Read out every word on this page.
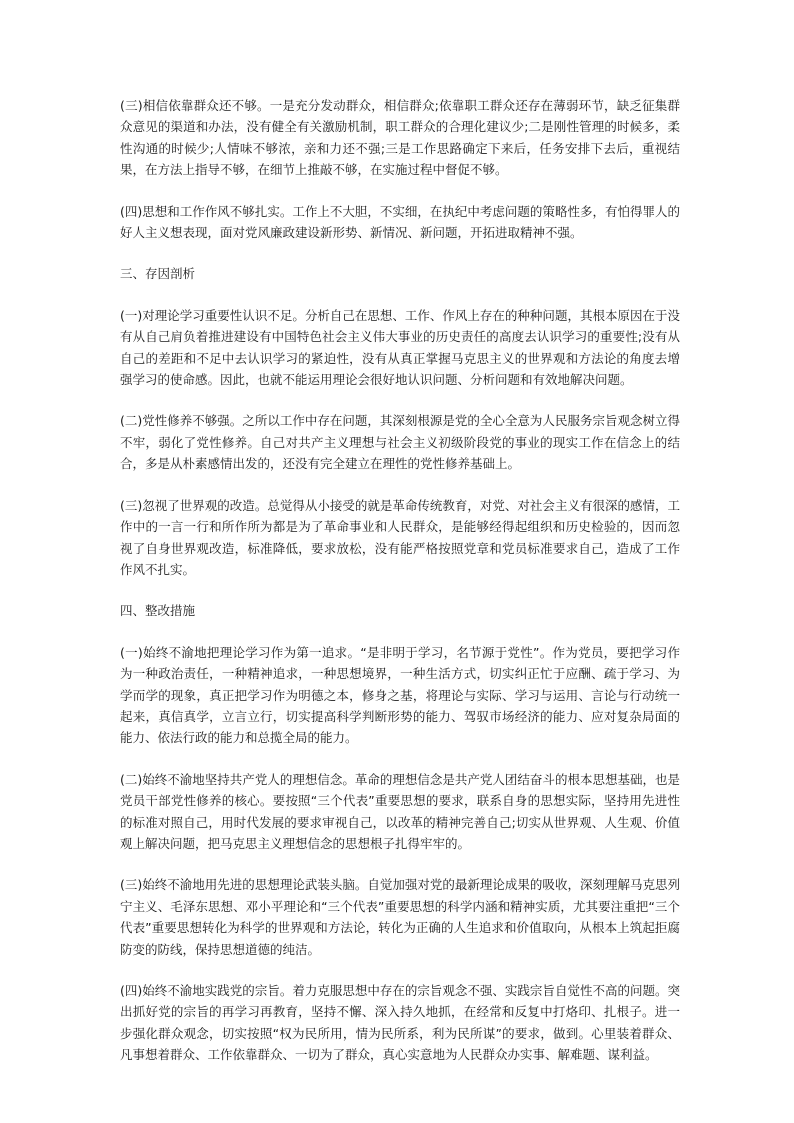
(三)相信依靠群众还不够。一是充分发动群众，相信群众;依靠职工群众还存在薄弱环节，缺乏征集群众意见的渠道和办法，没有健全有关激励机制，职工群众的合理化建议少;二是刚性管理的时候多，柔性沟通的时候少;人情味不够浓，亲和力还不强;三是工作思路确定下来后，任务安排下去后，重视结果，在方法上指导不够，在细节上推敲不够，在实施过程中督促不够。

(四)思想和工作作风不够扎实。工作上不大胆，不实细，在执纪中考虑问题的策略性多，有怕得罪人的好人主义想表现，面对党风廉政建设新形势、新情况、新问题，开拓进取精神不强。

三、存因剖析

(一)对理论学习重要性认识不足。分析自己在思想、工作、作风上存在的种种问题，其根本原因在于没有从自己肩负着推进建设有中国特色社会主义伟大事业的历史责任的高度去认识学习的重要性;没有从自己的差距和不足中去认识学习的紧迫性，没有从真正掌握马克思主义的世界观和方法论的角度去增强学习的使命感。因此，也就不能运用理论会很好地认识问题、分析问题和有效地解决问题。

(二)党性修养不够强。之所以工作中存在问题，其深刻根源是党的全心全意为人民服务宗旨观念树立得不牢，弱化了党性修养。自己对共产主义理想与社会主义初级阶段党的事业的现实工作在信念上的结合，多是从朴素感情出发的，还没有完全建立在理性的党性修养基础上。

(三)忽视了世界观的改造。总觉得从小接受的就是革命传统教育，对党、对社会主义有很深的感情，工作中的一言一行和所作所为都是为了革命事业和人民群众，是能够经得起组织和历史检验的，因而忽视了自身世界观改造，标准降低，要求放松，没有能严格按照党章和党员标准要求自己，造成了工作作风不扎实。

四、整改措施

(一)始终不渝地把理论学习作为第一追求。“是非明于学习，名节源于党性”。作为党员，要把学习作为一种政治责任，一种精神追求，一种思想境界，一种生活方式，切实纠正忙于应酬、疏于学习、为学而学的现象，真正把学习作为明德之本，修身之基，将理论与实际、学习与运用、言论与行动统一起来，真信真学，立言立行，切实提高科学判断形势的能力、驾驭市场经济的能力、应对复杂局面的能力、依法行政的能力和总揽全局的能力。

(二)始终不渝地坚持共产党人的理想信念。革命的理想信念是共产党人团结奋斗的根本思想基础，也是党员干部党性修养的核心。要按照“三个代表”重要思想的要求，联系自身的思想实际，坚持用先进性的标准对照自己，用时代发展的要求审视自己，以改革的精神完善自己;切实从世界观、人生观、价值观上解决问题，把马克思主义理想信念的思想根子扎得牢牢的。

(三)始终不渝地用先进的思想理论武装头脑。自觉加强对党的最新理论成果的吸收，深刻理解马克思列宁主义、毛泽东思想、邓小平理论和“三个代表”重要思想的科学内涵和精神实质，尤其要注重把“三个代表”重要思想转化为科学的世界观和方法论，转化为正确的人生追求和价值取向，从根本上筑起拒腐防变的防线，保持思想道德的纯洁。

(四)始终不渝地实践党的宗旨。着力克服思想中存在的宗旨观念不强、实践宗旨自觉性不高的问题。突出抓好党的宗旨的再学习再教育，坚持不懈、深入持久地抓，在经常和反复中打烙印、扎根子。进一步强化群众观念，切实按照“权为民所用，情为民所系，利为民所谋”的要求，做到。心里装着群众、凡事想着群众、工作依靠群众、一切为了群众，真心实意地为人民群众办实事、解难题、谋利益。
